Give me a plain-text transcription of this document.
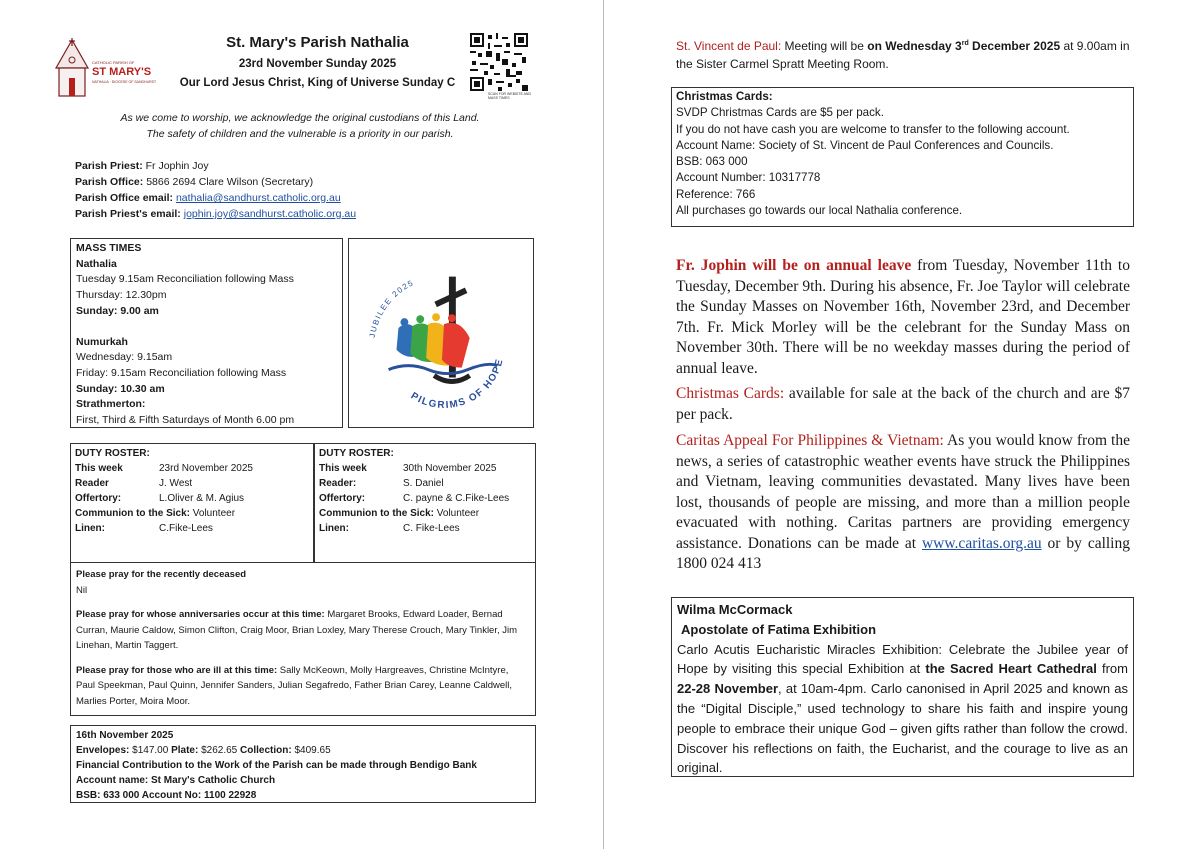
CATHOLIC PARISH OF
ST MARY'S
NATHALIA · DIOCESE OF SANDHURST
St. Mary's Parish Nathalia
23rd November Sunday 2025
Our Lord Jesus Christ, King of Universe Sunday C
SCAN FOR WEBSITE AND MASS TIMES
As we come to worship, we acknowledge the original custodians of this Land.
The safety of children and the vulnerable is a priority in our parish.
Parish Priest: Fr Jophin Joy
Parish Office: 5866 2694 Clare Wilson (Secretary)
Parish Office email: nathalia@sandhurst.catholic.org.au
Parish Priest's email: jophin.joy@sandhurst.catholic.org.au
MASS TIMES
Nathalia
Tuesday 9.15am Reconciliation following Mass
Thursday: 12.30pm
Sunday: 9.00 am
Numurkah
Wednesday: 9.15am
Friday: 9.15am Reconciliation following Mass
Sunday: 10.30 am
Strathmerton:
First, Third & Fifth Saturdays of Month 6.00 pm
JUBILEE 2025
PILGRIMS OF HOPE
DUTY ROSTER:
This week	23rd November 2025
Reader	J. West
Offertory:	L.Oliver & M. Agius
Communion to the Sick: Volunteer
Linen:	C.Fike-Lees
DUTY ROSTER:
This week	30th November 2025
Reader:	S. Daniel
Offertory:	C. payne & C.Fike-Lees
Communion to the Sick: Volunteer
Linen:	C. Fike-Lees
Please pray for the recently deceased

Nil

Please pray for whose anniversaries occur at this time: Margaret Brooks, Edward Loader, Bernad Curran, Maurie Caldow, Simon Clifton, Craig Moor, Brian Loxley, Mary Therese Crouch, Mary Tinkler, Jim Linehan, Martin Taggert.

Please pray for those who are ill at this time: Sally McKeown, Molly Hargreaves, Christine McIntyre, Paul Speekman, Paul Quinn, Jennifer Sanders, Julian Segafredo, Father Brian Carey, Leanne Caldwell, Marlies Porter, Moira Moor.

16th November 2025
Envelopes: $147.00 Plate: $262.65 Collection: $409.65
Financial Contribution to the Work of the Parish can be made through Bendigo Bank
Account name: St Mary's Catholic Church
BSB: 633 000 Account No: 1100 22928
St. Vincent de Paul: Meeting will be on Wednesday 3rd December 2025 at 9.00am in the Sister Carmel Spratt Meeting Room.
Christmas Cards:
SVDP Christmas Cards are $5 per pack.
If you do not have cash you are welcome to transfer to the following account.
Account Name: Society of St. Vincent de Paul Conferences and Councils.
BSB: 063 000
Account Number: 10317778
Reference: 766
All purchases go towards our local Nathalia conference.
Fr. Jophin will be on annual leave from Tuesday, November 11th to Tuesday, December 9th. During his absence, Fr. Joe Taylor will celebrate the Sunday Masses on November 16th, November 23rd, and December 7th. Fr. Mick Morley will be the celebrant for the Sunday Mass on November 30th. There will be no weekday masses during the period of annual leave.
Christmas Cards: available for sale at the back of the church and are $7 per pack.
Caritas Appeal For Philippines & Vietnam: As you would know from the news, a series of catastrophic weather events have struck the Philippines and Vietnam, leaving communities devastated. Many lives have been lost, thousands of people are missing, and more than a million people evacuated with nothing. Caritas partners are providing emergency assistance. Donations can be made at www.caritas.org.au or by calling 1800 024 413
Wilma McCormack
Apostolate of Fatima Exhibition
Carlo Acutis Eucharistic Miracles Exhibition: Celebrate the Jubilee year of Hope by visiting this special Exhibition at the Sacred Heart Cathedral from 22-28 November, at 10am-4pm. Carlo canonised in April 2025 and known as the “Digital Disciple,” used technology to share his faith and inspire young people to embrace their unique God – given gifts rather than follow the crowd. Discover his reflections on faith, the Eucharist, and the courage to live as an original.
